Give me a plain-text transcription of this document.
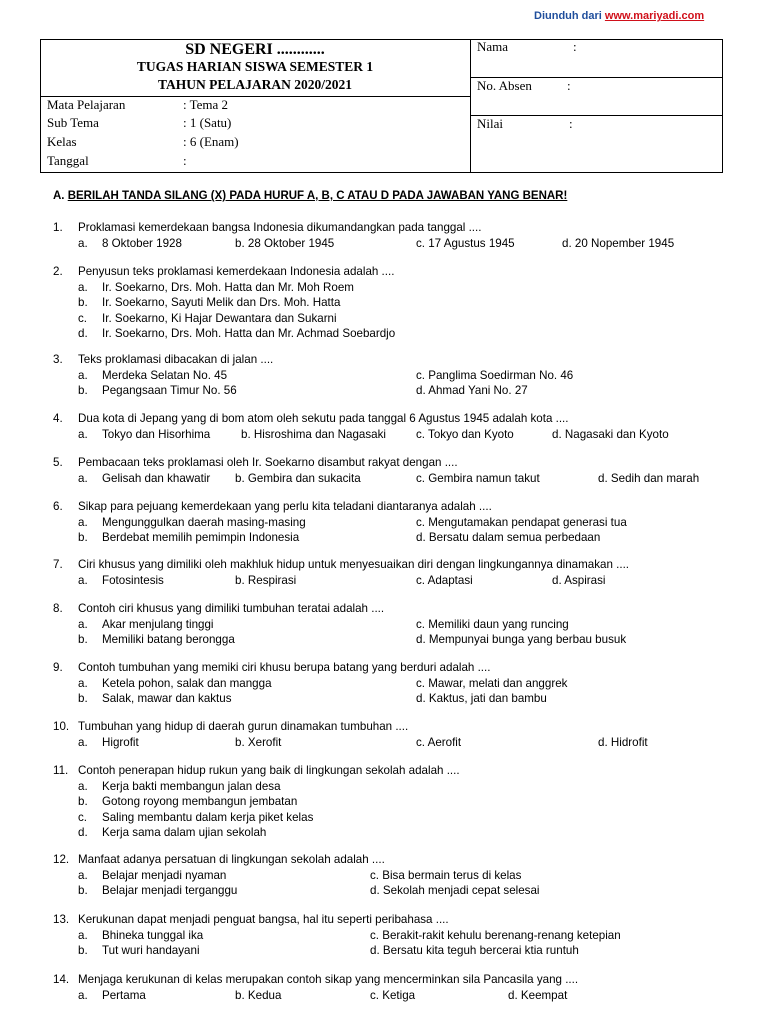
Diunduh dari www.mariyadi.com
SD NEGERI ............
TUGAS HARIAN SISWA SEMESTER 1
TAHUN PELAJARAN 2020/2021
Mata Pelajaran	: Tema 2
Sub Tema	: 1 (Satu)
Kelas	: 6 (Enam)
Tanggal	:
Nama	:
No. Absen	:
Nilai	:
A. BERILAH TANDA SILANG (X) PADA HURUF A, B, C ATAU D PADA JAWABAN YANG BENAR!
1. Proklamasi kemerdekaan bangsa Indonesia dikumandangkan pada tanggal ....
a. 8 Oktober 1928	b. 28 Oktober 1945	c. 17 Agustus 1945	d. 20 Nopember 1945
2. Penyusun teks proklamasi kemerdekaan Indonesia adalah ....
a. Ir. Soekarno, Drs. Moh. Hatta dan Mr. Moh Roem
b. Ir. Soekarno, Sayuti Melik dan Drs. Moh. Hatta
c. Ir. Soekarno, Ki Hajar Dewantara dan Sukarni
d. Ir. Soekarno, Drs. Moh. Hatta dan Mr. Achmad Soebardjo
3. Teks proklamasi dibacakan di jalan ....
a. Merdeka Selatan No. 45	c. Panglima Soedirman No. 46
b. Pegangsaan Timur No. 56	d. Ahmad Yani No. 27
4. Dua kota di Jepang yang di bom atom oleh sekutu pada tanggal 6 Agustus 1945 adalah kota ....
a. Tokyo dan Hisorhima	b. Hisroshima dan Nagasaki	c. Tokyo dan Kyoto	d. Nagasaki dan Kyoto
5. Pembacaan teks proklamasi oleh Ir. Soekarno disambut rakyat dengan ....
a. Gelisah dan khawatir b. Gembira dan sukacita	c. Gembira namun takut	d. Sedih dan marah
6. Sikap para pejuang kemerdekaan yang perlu kita teladani diantaranya adalah ....
a. Mengunggulkan daerah masing-masing	c. Mengutamakan pendapat generasi tua
b. Berdebat memilih pemimpin Indonesia	d. Bersatu dalam semua perbedaan
7. Ciri khusus yang dimiliki oleh makhluk hidup untuk menyesuaikan diri dengan lingkungannya dinamakan ....
a. Fotosintesis	b. Respirasi	c. Adaptasi	d. Aspirasi
8. Contoh ciri khusus yang dimiliki tumbuhan teratai adalah ....
a. Akar menjulang tinggi	c. Memiliki daun yang runcing
b. Memiliki batang berongga	d. Mempunyai bunga yang berbau busuk
9. Contoh tumbuhan yang memiki ciri khusu berupa batang yang berduri adalah ....
a. Ketela pohon, salak dan mangga	c. Mawar, melati dan anggrek
b. Salak, mawar dan kaktus	d. Kaktus, jati dan bambu
10. Tumbuhan yang hidup di daerah gurun dinamakan tumbuhan ....
a. Higrofit	b. Xerofit	c. Aerofit	d. Hidrofit
11. Contoh penerapan hidup rukun yang baik di lingkungan sekolah adalah ....
a. Kerja bakti membangun jalan desa
b. Gotong royong membangun jembatan
c. Saling membantu dalam kerja piket kelas
d. Kerja sama dalam ujian sekolah
12. Manfaat adanya persatuan di lingkungan sekolah adalah ....
a. Belajar menjadi nyaman	c. Bisa bermain terus di kelas
b. Belajar menjadi terganggu	d. Sekolah menjadi cepat selesai
13. Kerukunan dapat menjadi penguat bangsa, hal itu seperti peribahasa ....
a. Bhineka tunggal ika	c. Berakit-rakit kehulu berenang-renang ketepian
b. Tut wuri handayani	d. Bersatu kita teguh bercerai ktia runtuh
14. Menjaga kerukunan di kelas merupakan contoh sikap yang mencerminkan sila Pancasila yang ....
a. Pertama	b. Kedua	c. Ketiga	d. Keempat
